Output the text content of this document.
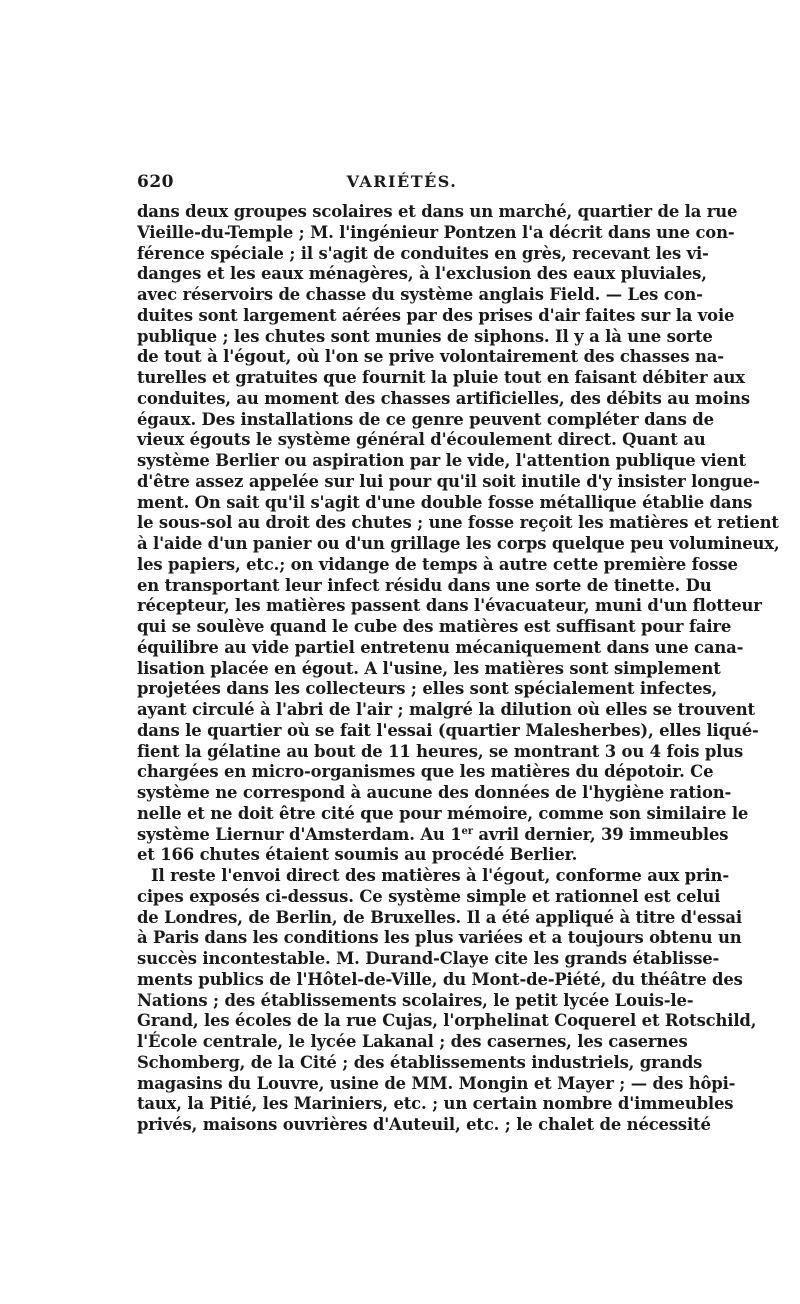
620	VARIÉTÉS.
dans deux groupes scolaires et dans un marché, quartier de la rue
Vieille-du-Temple ; M. l'ingénieur Pontzen l'a décrit dans une con-
férence spéciale ; il s'agit de conduites en grès, recevant les vi-
danges et les eaux ménagères, à l'exclusion des eaux pluviales,
avec réservoirs de chasse du système anglais Field. — Les con-
duites sont largement aérées par des prises d'air faites sur la voie
publique ; les chutes sont munies de siphons. Il y a là une sorte
de tout à l'égout, où l'on se prive volontairement des chasses na-
turelles et gratuites que fournit la pluie tout en faisant débiter aux
conduites, au moment des chasses artificielles, des débits au moins
égaux. Des installations de ce genre peuvent compléter dans de
vieux égouts le système général d'écoulement direct. Quant au
système Berlier ou aspiration par le vide, l'attention publique vient
d'être assez appelée sur lui pour qu'il soit inutile d'y insister longue-
ment. On sait qu'il s'agit d'une double fosse métallique établie dans
le sous-sol au droit des chutes ; une fosse reçoit les matières et retient
à l'aide d'un panier ou d'un grillage les corps quelque peu volumineux,
les papiers, etc.; on vidange de temps à autre cette première fosse
en transportant leur infect résidu dans une sorte de tinette. Du
récepteur, les matières passent dans l'évacuateur, muni d'un flotteur
qui se soulève quand le cube des matières est suffisant pour faire
équilibre au vide partiel entretenu mécaniquement dans une cana-
lisation placée en égout. A l'usine, les matières sont simplement
projetées dans les collecteurs ; elles sont spécialement infectes,
ayant circulé à l'abri de l'air ; malgré la dilution où elles se trouvent
dans le quartier où se fait l'essai (quartier Malesherbes), elles liqué-
fient la gélatine au bout de 11 heures, se montrant 3 ou 4 fois plus
chargées en micro-organismes que les matières du dépotoir. Ce
système ne correspond à aucune des données de l'hygiène ration-
nelle et ne doit être cité que pour mémoire, comme son similaire le
système Liernur d'Amsterdam. Au 1er avril dernier, 39 immeubles
et 166 chutes étaient soumis au procédé Berlier.
Il reste l'envoi direct des matières à l'égout, conforme aux prin-
cipes exposés ci-dessus. Ce système simple et rationnel est celui
de Londres, de Berlin, de Bruxelles. Il a été appliqué à titre d'essai
à Paris dans les conditions les plus variées et a toujours obtenu un
succès incontestable. M. Durand-Claye cite les grands établisse-
ments publics de l'Hôtel-de-Ville, du Mont-de-Piété, du théâtre des
Nations ; des établissements scolaires, le petit lycée Louis-le-
Grand, les écoles de la rue Cujas, l'orphelinat Coquerel et Rotschild,
l'École centrale, le lycée Lakanal ; des casernes, les casernes
Schomberg, de la Cité ; des établissements industriels, grands
magasins du Louvre, usine de MM. Mongin et Mayer ; — des hôpi-
taux, la Pitié, les Mariniers, etc. ; un certain nombre d'immeubles
privés, maisons ouvrières d'Auteuil, etc. ; le chalet de nécessité
